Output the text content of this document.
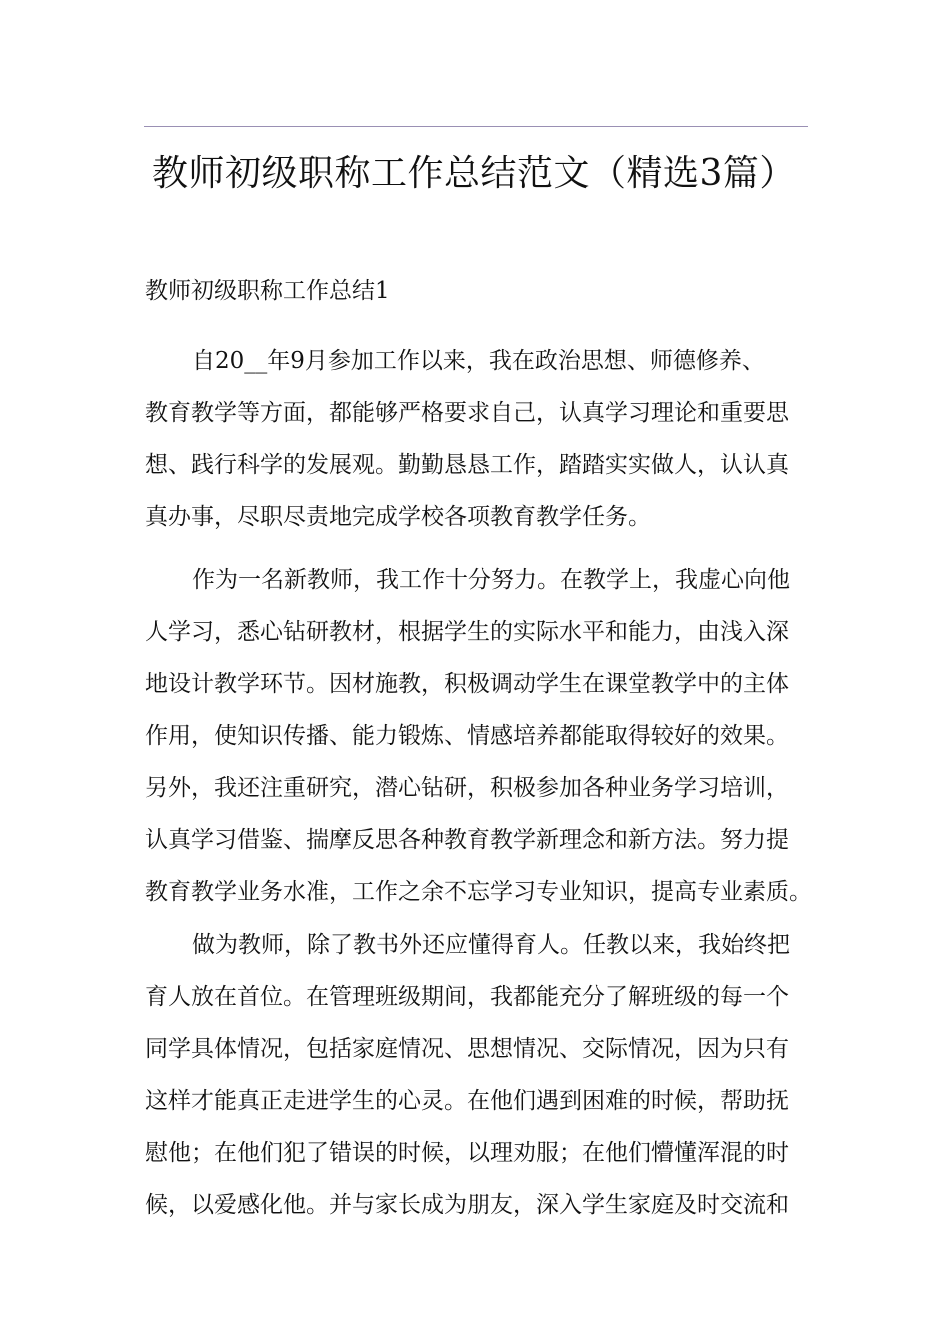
教师初级职称工作总结范文（精选3篇）
教师初级职称工作总结1
自20__年9月参加工作以来，我在政治思想、师德修养、
教育教学等方面，都能够严格要求自己，认真学习理论和重要思
想、践行科学的发展观。勤勤恳恳工作，踏踏实实做人，认认真
真办事，尽职尽责地完成学校各项教育教学任务。
作为一名新教师，我工作十分努力。在教学上，我虚心向他
人学习，悉心钻研教材，根据学生的实际水平和能力，由浅入深
地设计教学环节。因材施教，积极调动学生在课堂教学中的主体
作用，使知识传播、能力锻炼、情感培养都能取得较好的效果。
另外，我还注重研究，潜心钻研，积极参加各种业务学习培训，
认真学习借鉴、揣摩反思各种教育教学新理念和新方法。努力提
教育教学业务水准，工作之余不忘学习专业知识，提高专业素质。
做为教师，除了教书外还应懂得育人。任教以来，我始终把
育人放在首位。在管理班级期间，我都能充分了解班级的每一个
同学具体情况，包括家庭情况、思想情况、交际情况，因为只有
这样才能真正走进学生的心灵。在他们遇到困难的时候，帮助抚
慰他；在他们犯了错误的时候，以理劝服；在他们懵懂浑混的时
候，以爱感化他。并与家长成为朋友，深入学生家庭及时交流和
